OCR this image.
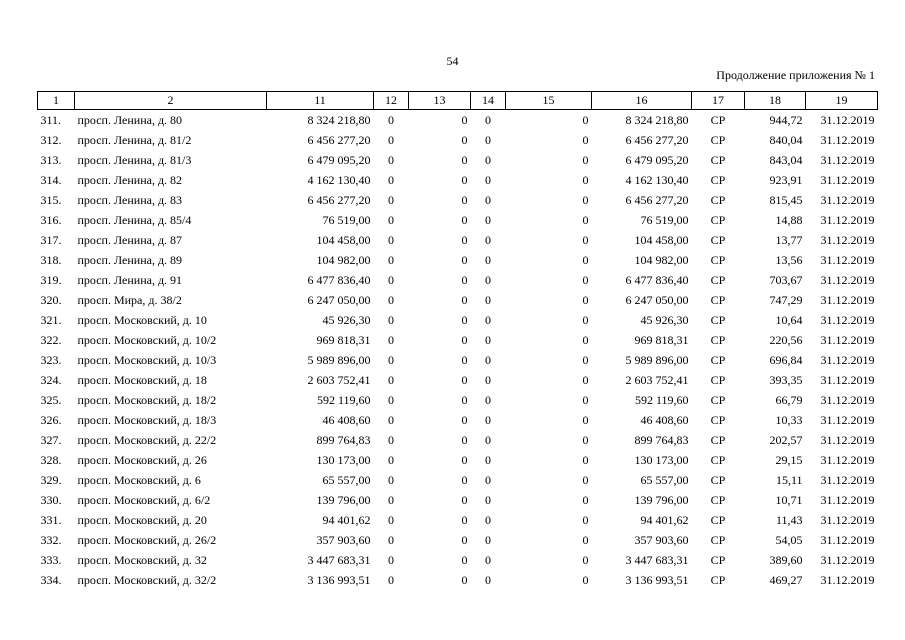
54
Продолжение приложения № 1
1	2	11	12	13	14	15	16	17	18	19
311.	просп. Ленина, д. 80	8 324 218,80	0	0	0	0	8 324 218,80	СР	944,72	31.12.2019
312.	просп. Ленина, д. 81/2	6 456 277,20	0	0	0	0	6 456 277,20	СР	840,04	31.12.2019
313.	просп. Ленина, д. 81/3	6 479 095,20	0	0	0	0	6 479 095,20	СР	843,04	31.12.2019
314.	просп. Ленина, д. 82	4 162 130,40	0	0	0	0	4 162 130,40	СР	923,91	31.12.2019
315.	просп. Ленина, д. 83	6 456 277,20	0	0	0	0	6 456 277,20	СР	815,45	31.12.2019
316.	просп. Ленина, д. 85/4	76 519,00	0	0	0	0	76 519,00	СР	14,88	31.12.2019
317.	просп. Ленина, д. 87	104 458,00	0	0	0	0	104 458,00	СР	13,77	31.12.2019
318.	просп. Ленина, д. 89	104 982,00	0	0	0	0	104 982,00	СР	13,56	31.12.2019
319.	просп. Ленина, д. 91	6 477 836,40	0	0	0	0	6 477 836,40	СР	703,67	31.12.2019
320.	просп. Мира, д. 38/2	6 247 050,00	0	0	0	0	6 247 050,00	СР	747,29	31.12.2019
321.	просп. Московский, д. 10	45 926,30	0	0	0	0	45 926,30	СР	10,64	31.12.2019
322.	просп. Московский, д. 10/2	969 818,31	0	0	0	0	969 818,31	СР	220,56	31.12.2019
323.	просп. Московский, д. 10/3	5 989 896,00	0	0	0	0	5 989 896,00	СР	696,84	31.12.2019
324.	просп. Московский, д. 18	2 603 752,41	0	0	0	0	2 603 752,41	СР	393,35	31.12.2019
325.	просп. Московский, д. 18/2	592 119,60	0	0	0	0	592 119,60	СР	66,79	31.12.2019
326.	просп. Московский, д. 18/3	46 408,60	0	0	0	0	46 408,60	СР	10,33	31.12.2019
327.	просп. Московский, д. 22/2	899 764,83	0	0	0	0	899 764,83	СР	202,57	31.12.2019
328.	просп. Московский, д. 26	130 173,00	0	0	0	0	130 173,00	СР	29,15	31.12.2019
329.	просп. Московский, д. 6	65 557,00	0	0	0	0	65 557,00	СР	15,11	31.12.2019
330.	просп. Московский, д. 6/2	139 796,00	0	0	0	0	139 796,00	СР	10,71	31.12.2019
331.	просп. Московский, д. 20	94 401,62	0	0	0	0	94 401,62	СР	11,43	31.12.2019
332.	просп. Московский, д. 26/2	357 903,60	0	0	0	0	357 903,60	СР	54,05	31.12.2019
333.	просп. Московский, д. 32	3 447 683,31	0	0	0	0	3 447 683,31	СР	389,60	31.12.2019
334.	просп. Московский, д. 32/2	3 136 993,51	0	0	0	0	3 136 993,51	СР	469,27	31.12.2019
